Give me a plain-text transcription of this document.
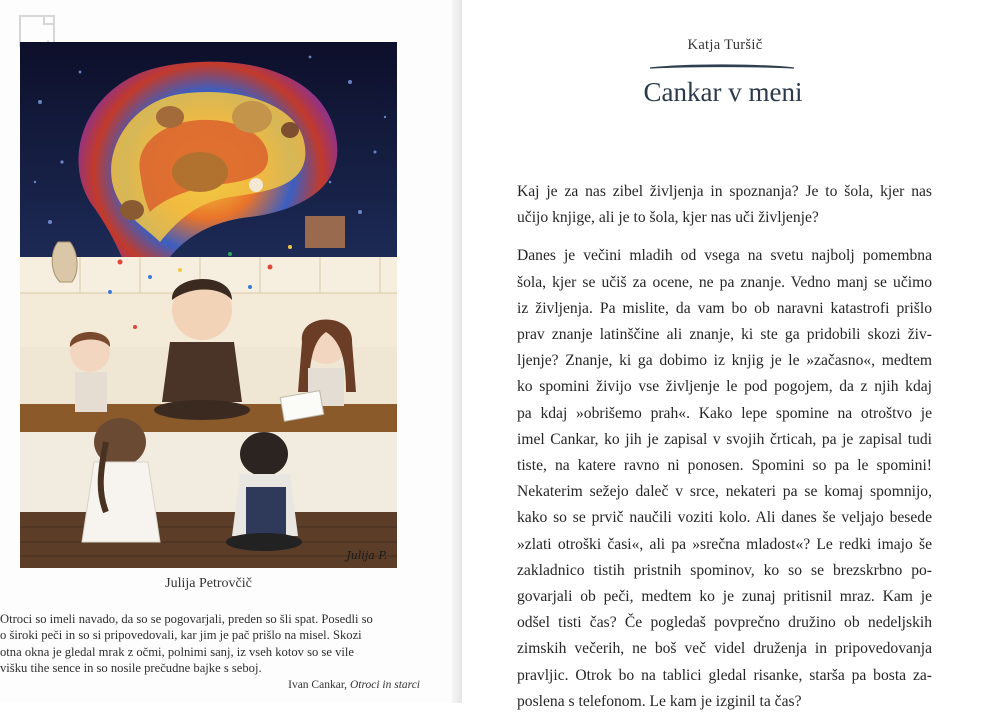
Julija P.
Julija Petrovčič
Otroci so imeli navado, da so se pogovarjali, preden so šli spat. Posedli so
o široki peči in so si pripovedovali, kar jim je pač prišlo na misel. Skozi
otna okna je gledal mrak z očmi, polnimi sanj, iz vseh kotov so se vile
višku tihe sence in so nosile prečudne bajke s seboj.
Ivan Cankar, Otroci in starci
Katja Turšič
Cankar v meni
Kaj je za nas zibel življenja in spoznanja? Je to šola, kjer nas
učijo knjige, ali je to šola, kjer nas uči življenje?
Danes je večini mladih od vsega na svetu najbolj pomembna
šola, kjer se učiš za ocene, ne pa znanje. Vedno manj se učimo
iz življenja. Pa mislite, da vam bo ob naravni katastrofi prišlo
prav znanje latinščine ali znanje, ki ste ga pridobili skozi živ-
ljenje? Znanje, ki ga dobimo iz knjig je le »začasno«, medtem
ko spomini živijo vse življenje le pod pogojem, da z njih kdaj
pa kdaj »obrišemo prah«. Kako lepe spomine na otroštvo je
imel Cankar, ko jih je zapisal v svojih črticah, pa je zapisal tudi
tiste, na katere ravno ni ponosen. Spomini so pa le spomini!
Nekaterim sežejo daleč v srce, nekateri pa se komaj spomnijo,
kako so se prvič naučili voziti kolo. Ali danes še veljajo besede
»zlati otroški časi«, ali pa »srečna mladost«? Le redki imajo še
zakladnico tistih pristnih spominov, ko so se brezskrbno po-
govarjali ob peči, medtem ko je zunaj pritisnil mraz. Kam je
odšel tisti čas? Če pogledaš povprečno družino ob nedeljskih
zimskih večerih, ne boš več videl druženja in pripovedovanja
pravljic. Otrok bo na tablici gledal risanke, starša pa bosta za-
poslena s telefonom. Le kam je izginil ta čas?
